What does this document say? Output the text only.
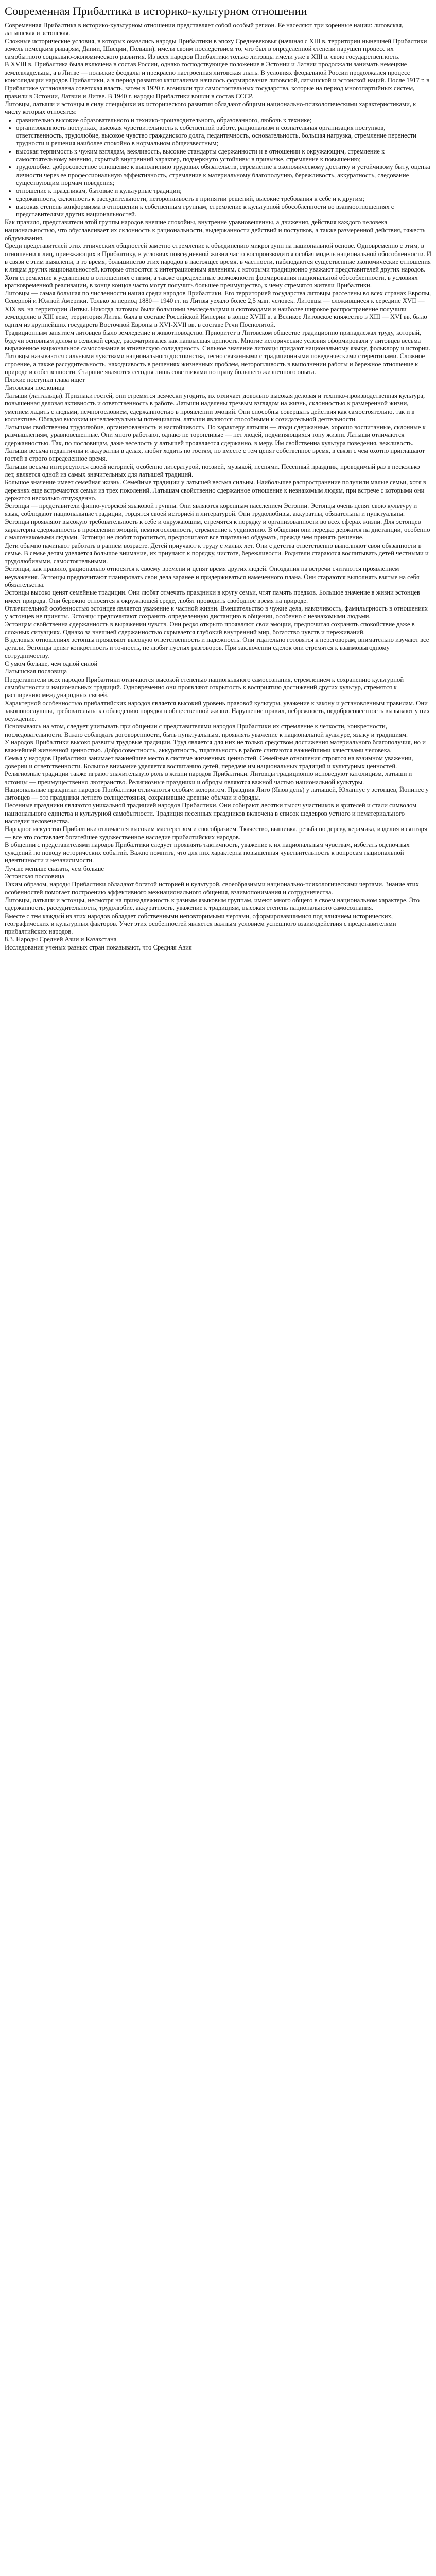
Современная Прибалтика в историко-культурном отношении

Современная Прибалтика в историко-культурном отношении представляет собой особый регион. Ее населяют три коренные нации: литовская, латышская и эстонская.

Сложные исторические условия, в которых оказались народы Прибалтики в эпоху Средневековья (начиная с XIII в. территории нынешней Прибалтики земель немецким рыцарям, Дании, Швеции, Польши), имели своим последствием то, что был в определенной степени нарушен процесс их самобытного социально-экономического развития. Из всех народов Прибалтики только литовцы имели уже в XIII в. свою государственность.

В XVIII в. Прибалтика была включена в состав России, однако господствующее положение в Эстонии и Латвии продолжали занимать немецкие землевладельцы, а в Литве — польские феодалы и прекрасно настроенная литовская знать. В условиях феодальной России продолжался процесс консолидации народов Прибалтики, а в период развития капитализма началось формирование литовской, латышской и эстонской наций. После 1917 г. в Прибалтике установлена советская власть, затем в 1920 г. возникли три самостоятельных государства, которые на период многопартийных систем, правили в Эстонии, Латвии и Литве. В 1940 г. народы Прибалтики вошли в состав СССР.

Литовцы, латыши и эстонцы в силу специфики их исторического развития обладают общими национально-психологическими характеристиками, к числу которых относятся:

• сравнительно высокие образовательного и технико-производительного, образованного, любовь к технике;
• организованность поступках, высокая чувствительность к собственной работе, рационализм и сознательная организация поступков, ответственность, трудолюбие, высокое чувство гражданского долга, педантичность, основательность, большая нагрузка, стремление перенести трудности и решения наиболее спокойно в нормальном общеизвестным;
• высокая терпимость к чужим взглядам, вежливость, высокие стандарты сдержанности и в отношении к окружающим, стремление к самостоятельному мнению, скрытый внутренний характер, подчеркнуто устойчивы в привычке, стремление к повышению;
• трудолюбие, добросовестное отношение к выполнению трудовых обязательств, стремление к экономическому достатку и устойчивому быту, оценка личности через ее профессиональную эффективность, стремление к материальному благополучию, бережливость, аккуратность, следование существующим нормам поведения;
• отношение к праздникам, бытовые и культурные традиции;
• сдержанность, склонность к рассудительности, неторопливость в принятии решений, высокие требования к себе и к другим;
• высокая степень конформизма в отношении к собственным группам, стремление к культурной обособленности во взаимоотношениях с представителями других национальностей.

Как правило, представители этой группы народов внешне спокойны, внутренне уравновешенны, а движения, действия каждого человека национальностью, что обуславливает их склонность к рациональности, выдержанности действий и поступков, а также размеренной действия, тяжесть обдумывания.

Среди представителей этих этнических общностей заметно стремление к объединению микрогрупп на национальной основе. Одновременно с этим, в отношении к лиц, приезжающих в Прибалтику, в условиях повседневной жизни часто воспроизводится особая модель национальной обособленности. И в связи с этим выявлены, в то время, большинство этих народов в настоящее время, в частности, наблюдаются существенные экономические отношения к лицам других национальностей, которые относятся к интеграционным явлениям, с которыми традиционно уважают представителей других народов. Хотя стремление к уединению в отношениях с ними, а также определенные возможности формирования национальной обособленности, в условиях кратковременной реализации, в конце концов часто могут получить большее преимущество, к чему стремятся жители Прибалтики.

Литовцы — самая большая по численности нация среди народов Прибалтики. Его территорией государства литовцы расселены во всех странах Европы, Северной и Южной Америки. Только за период 1880— 1940 гг. из Литвы уехало более 2,5 млн. человек. Литовцы — сложившиеся к середине XVII — XIX вв. на территории Литвы. Никогда литовцы были большими земледельцами и скотоводами и наиболее широкое распространение получили земледелие в XIII веке, территория Литвы была в составе Российской Империи в конце XVIII в. а Великое Литовское княжество в XIII — XVI вв. было одним из крупнейших государств Восточной Европы в XVI-XVII вв. в составе Речи Посполитой.

Традиционным занятием литовцев было земледелие и животноводство. Приоритет в Литовском обществе традиционно принадлежал труду, который, будучи основным делом в сельской среде, рассматривался как наивысшая ценность. Многие исторические условия сформировали у литовцев весьма выраженное национальное самосознание и этническую солидарность. Сильное значение литовцы придают национальному языку, фольклору и истории. Литовцы называются сильными чувствами национального достоинства, тесно связанными с традиционными поведенческими стереотипами. Сложное строение, а также рассудительность, находчивость в решениях жизненных проблем, неторопливость в выполнении работы и бережное отношение к природе и собственности. Старшие являются сегодня лишь советниками по праву большего жизненного опыта.

Плохие поступки глава ищет

Литовская пословица

Латыши (латгальцы). Признаки гостей, они стремятся всячески угодить, их отличает довольно высокая деловая и технико-производственная культура, повышенная деловая активность и ответственность в работе. Латыши наделены трезвым взглядом на жизнь, склонностью к размеренной жизни, умением ладить с людьми, немногословием, сдержанностью в проявлении эмоций. Они способны совершать действия как самостоятельно, так и в коллективе. Обладая высоким интеллектуальным потенциалом, латыши являются способными к созидательной деятельности.

Латышам свойственны трудолюбие, организованность и настойчивость. По характеру латыши — люди сдержанные, хорошо воспитанные, склонные к размышлениям, уравновешенные. Они много работают, однако не торопливые — нет людей, подчиняющихся тону жизни. Латыши отличаются сдержанностью. Так, по пословицам, даже веселость у латышей проявляется сдержанно, в меру. Им свойственна культура поведения, вежливость. Латыши весьма педантичны и аккуратны в делах, любят ходить по гостям, но вместе с тем ценят собственное время, в связи с чем охотно приглашают гостей в строго определенное время.

Латыши весьма интересуются своей историей, особенно литературой, поэзией, музыкой, песнями. Песенный праздник, проводимый раз в несколько лет, является одной из самых значительных для латышей традиций.

Большое значение имеет семейная жизнь. Семейные традиции у латышей весьма сильны. Наибольшее распространение получили малые семьи, хотя в деревнях еще встречаются семьи из трех поколений. Латышам свойственно сдержанное отношение к незнакомым людям, при встрече с которыми они держатся несколько отчужденно.

Эстонцы — представители финно-угорской языковой группы. Они являются коренным населением Эстонии. Эстонцы очень ценят свою культуру и язык, соблюдают национальные традиции, гордятся своей историей и литературой. Они трудолюбивы, аккуратны, обязательны и пунктуальны.

Эстонцы проявляют высокую требовательность к себе и окружающим, стремятся к порядку и организованности во всех сферах жизни. Для эстонцев характерна сдержанность в проявлении эмоций, немногословность, стремление к уединению. В общении они нередко держатся на дистанции, особенно с малознакомыми людьми. Эстонцы не любят торопиться, предпочитают все тщательно обдумать, прежде чем принять решение.

Дети обычно начинают работать в раннем возрасте. Детей приучают к труду с малых лет. Они с детства ответственно выполняют свои обязанности в семье. В семье детям уделяется большое внимание, их приучают к порядку, чистоте, бережливости. Родители стараются воспитывать детей честными и трудолюбивыми, самостоятельными.

Эстонцы, как правило, рационально относятся к своему времени и ценят время других людей. Опоздания на встречи считаются проявлением неуважения. Эстонцы предпочитают планировать свои дела заранее и придерживаться намеченного плана. Они стараются выполнять взятые на себя обязательства.

Эстонцы высоко ценят семейные традиции. Они любят отмечать праздники в кругу семьи, чтят память предков. Большое значение в жизни эстонцев имеет природа. Они бережно относятся к окружающей среде, любят проводить свободное время на природе.

Отличительной особенностью эстонцев является уважение к частной жизни. Вмешательство в чужие дела, навязчивость, фамильярность в отношениях у эстонцев не приняты. Эстонцы предпочитают сохранять определенную дистанцию в общении, особенно с незнакомыми людьми.

Эстонцам свойственна сдержанность в выражении чувств. Они редко открыто проявляют свои эмоции, предпочитая сохранять спокойствие даже в сложных ситуациях. Однако за внешней сдержанностью скрывается глубокий внутренний мир, богатство чувств и переживаний.

В деловых отношениях эстонцы проявляют высокую ответственность и надежность. Они тщательно готовятся к переговорам, внимательно изучают все детали. Эстонцы ценят конкретность и точность, не любят пустых разговоров. При заключении сделок они стремятся к взаимовыгодному сотрудничеству.

С умом больше, чем одной силой

Латышская пословица

Представители всех народов Прибалтики отличаются высокой степенью национального самосознания, стремлением к сохранению культурной самобытности и национальных традиций. Одновременно они проявляют открытость к восприятию достижений других культур, стремятся к расширению международных связей.

Характерной особенностью прибалтийских народов является высокий уровень правовой культуры, уважение к закону и установленным правилам. Они законопослушны, требовательны к соблюдению порядка в общественной жизни. Нарушение правил, небрежность, недобросовестность вызывают у них осуждение.

Основываясь на этом, следует учитывать при общении с представителями народов Прибалтики их стремление к четкости, конкретности, последовательности. Важно соблюдать договоренности, быть пунктуальным, проявлять уважение к национальной культуре, языку и традициям.

У народов Прибалтики высоко развиты трудовые традиции. Труд является для них не только средством достижения материального благополучия, но и важнейшей жизненной ценностью. Добросовестность, аккуратность, тщательность в работе считаются важнейшими качествами человека.

Семья у народов Прибалтики занимает важнейшее место в системе жизненных ценностей. Семейные отношения строятся на взаимном уважении, доверии и ответственности. Большое внимание уделяется воспитанию детей, передаче им национальных традиций и культурных ценностей.

Религиозные традиции также играют значительную роль в жизни народов Прибалтики. Литовцы традиционно исповедуют католицизм, латыши и эстонцы — преимущественно лютеранство. Религиозные праздники и обряды являются важной частью национальной культуры.

Национальные праздники народов Прибалтики отличаются особым колоритом. Праздник Лиго (Янов день) у латышей, Юханнус у эстонцев, Йонинес у литовцев — это праздники летнего солнцестояния, сохранившие древние обычаи и обряды.

Песенные праздники являются уникальной традицией народов Прибалтики. Они собирают десятки тысяч участников и зрителей и стали символом национального единства и культурной самобытности. Традиция песенных праздников включена в список шедевров устного и нематериального наследия человечества.

Народное искусство Прибалтики отличается высоким мастерством и своеобразием. Ткачество, вышивка, резьба по дереву, керамика, изделия из янтаря — все это составляет богатейшее художественное наследие прибалтийских народов.

В общении с представителями народов Прибалтики следует проявлять тактичность, уважение к их национальным чувствам, избегать оценочных суждений по поводу исторических событий. Важно помнить, что для них характерна повышенная чувствительность к вопросам национальной идентичности и независимости.

Лучше меньше сказать, чем больше

Эстонская пословица

Таким образом, народы Прибалтики обладают богатой историей и культурой, своеобразными национально-психологическими чертами. Знание этих особенностей помогает построению эффективного межнационального общения, взаимопонимания и сотрудничества.

Литовцы, латыши и эстонцы, несмотря на принадлежность к разным языковым группам, имеют много общего в своем национальном характере. Это сдержанность, рассудительность, трудолюбие, аккуратность, уважение к традициям, высокая степень национального самосознания.

Вместе с тем каждый из этих народов обладает собственными неповторимыми чертами, сформировавшимися под влиянием исторических, географических и культурных факторов. Учет этих особенностей является важным условием успешного взаимодействия с представителями прибалтийских народов.

8.3. Народы Средней Азии и Казахстана

Исследования ученых разных стран показывают, что Средняя Азия
